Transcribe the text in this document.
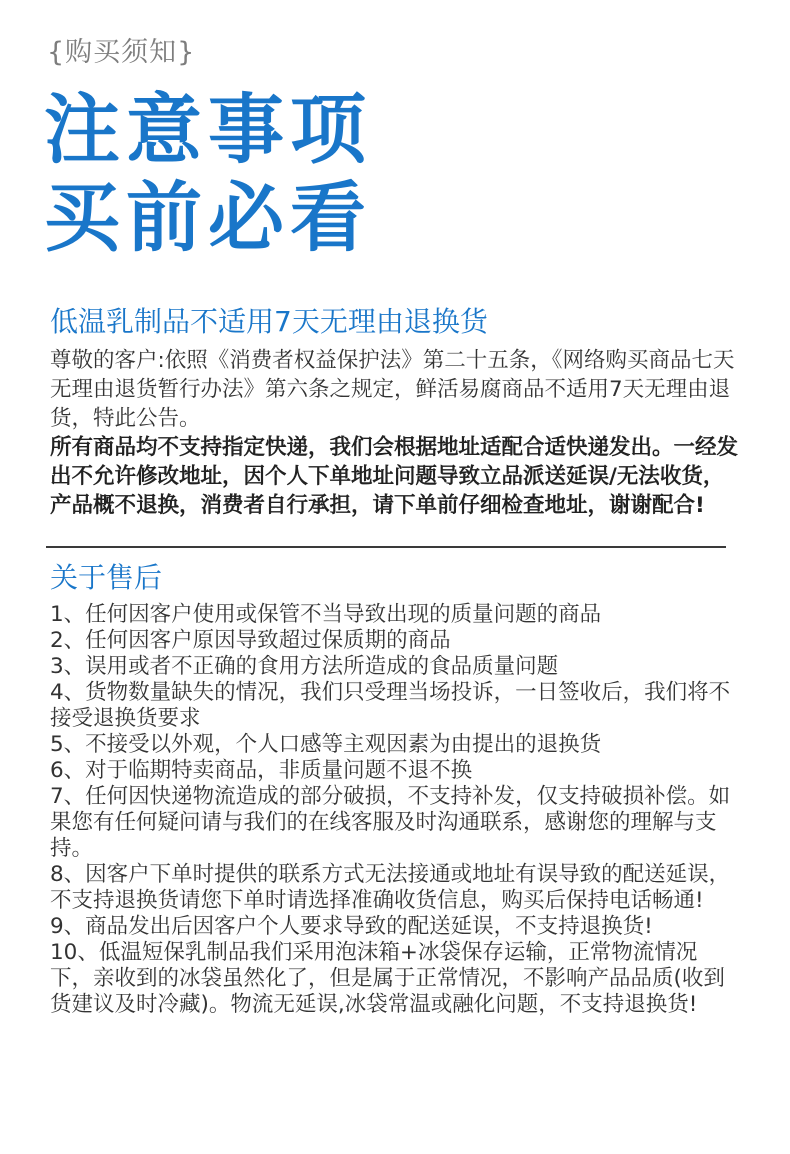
{购买须知}
注意事项
买前必看
低温乳制品不适用7天无理由退换货
尊敬的客户:依照《消费者权益保护法》第二十五条，《网络购买商品七天无理由退货暂行办法》第六条之规定，鲜活易腐商品不适用7天无理由退货，特此公告。
所有商品均不支持指定快递，我们会根据地址适配合适快递发出。一经发出不允许修改地址，因个人下单地址问题导致立品派送延误/无法收货，产品概不退换，消费者自行承担，请下单前仔细检查地址，谢谢配合!
关于售后
1、任何因客户使用或保管不当导致出现的质量问题的商品
2、任何因客户原因导致超过保质期的商品
3、误用或者不正确的食用方法所造成的食品质量问题
4、货物数量缺失的情况，我们只受理当场投诉，一日签收后，我们将不接受退换货要求
5、不接受以外观，个人口感等主观因素为由提出的退换货
6、对于临期特卖商品，非质量问题不退不换
7、任何因快递物流造成的部分破损，不支持补发，仅支持破损补偿。如果您有任何疑问请与我们的在线客服及时沟通联系，感谢您的理解与支持。
8、因客户下单时提供的联系方式无法接通或地址有误导致的配送延误，不支持退换货请您下单时请选择准确收货信息，购买后保持电话畅通!
9、商品发出后因客户个人要求导致的配送延误，不支持退换货!
10、低温短保乳制品我们采用泡沫箱+冰袋保存运输，正常物流情况下，亲收到的冰袋虽然化了，但是属于正常情况，不影响产品品质(收到货建议及时冷藏)。物流无延误,冰袋常温或融化问题，不支持退换货!
